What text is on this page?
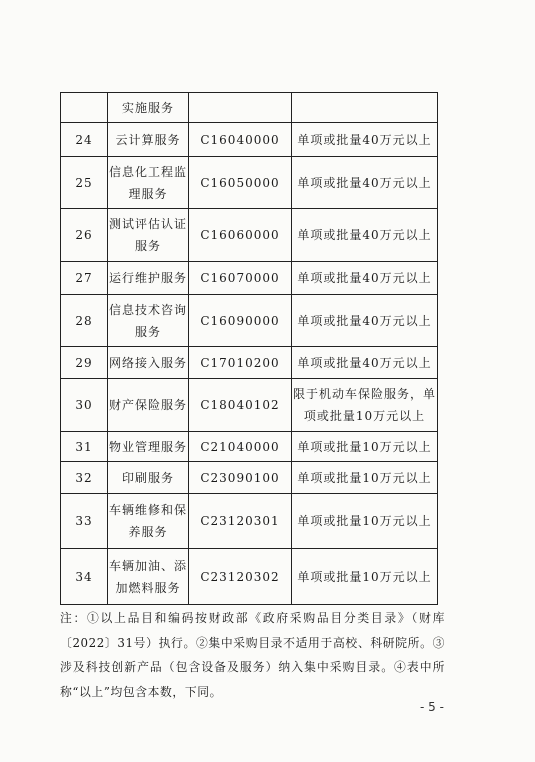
	实施服务		
24	云计算服务	C16040000	单项或批量40万元以上
25	信息化工程监理服务	C16050000	单项或批量40万元以上
26	测试评估认证服务	C16060000	单项或批量40万元以上
27	运行维护服务	C16070000	单项或批量40万元以上
28	信息技术咨询服务	C16090000	单项或批量40万元以上
29	网络接入服务	C17010200	单项或批量40万元以上
30	财产保险服务	C18040102	限于机动车保险服务，单项或批量10万元以上
31	物业管理服务	C21040000	单项或批量10万元以上
32	印刷服务	C23090100	单项或批量10万元以上
33	车辆维修和保养服务	C23120301	单项或批量10万元以上
34	车辆加油、添加燃料服务	C23120302	单项或批量10万元以上

注：①以上品目和编码按财政部《政府采购品目分类目录》（财库〔2022〕31号）执行。②集中采购目录不适用于高校、科研院所。③涉及科技创新产品（包含设备及服务）纳入集中采购目录。④表中所称“以上”均包含本数，下同。

- 5 -
